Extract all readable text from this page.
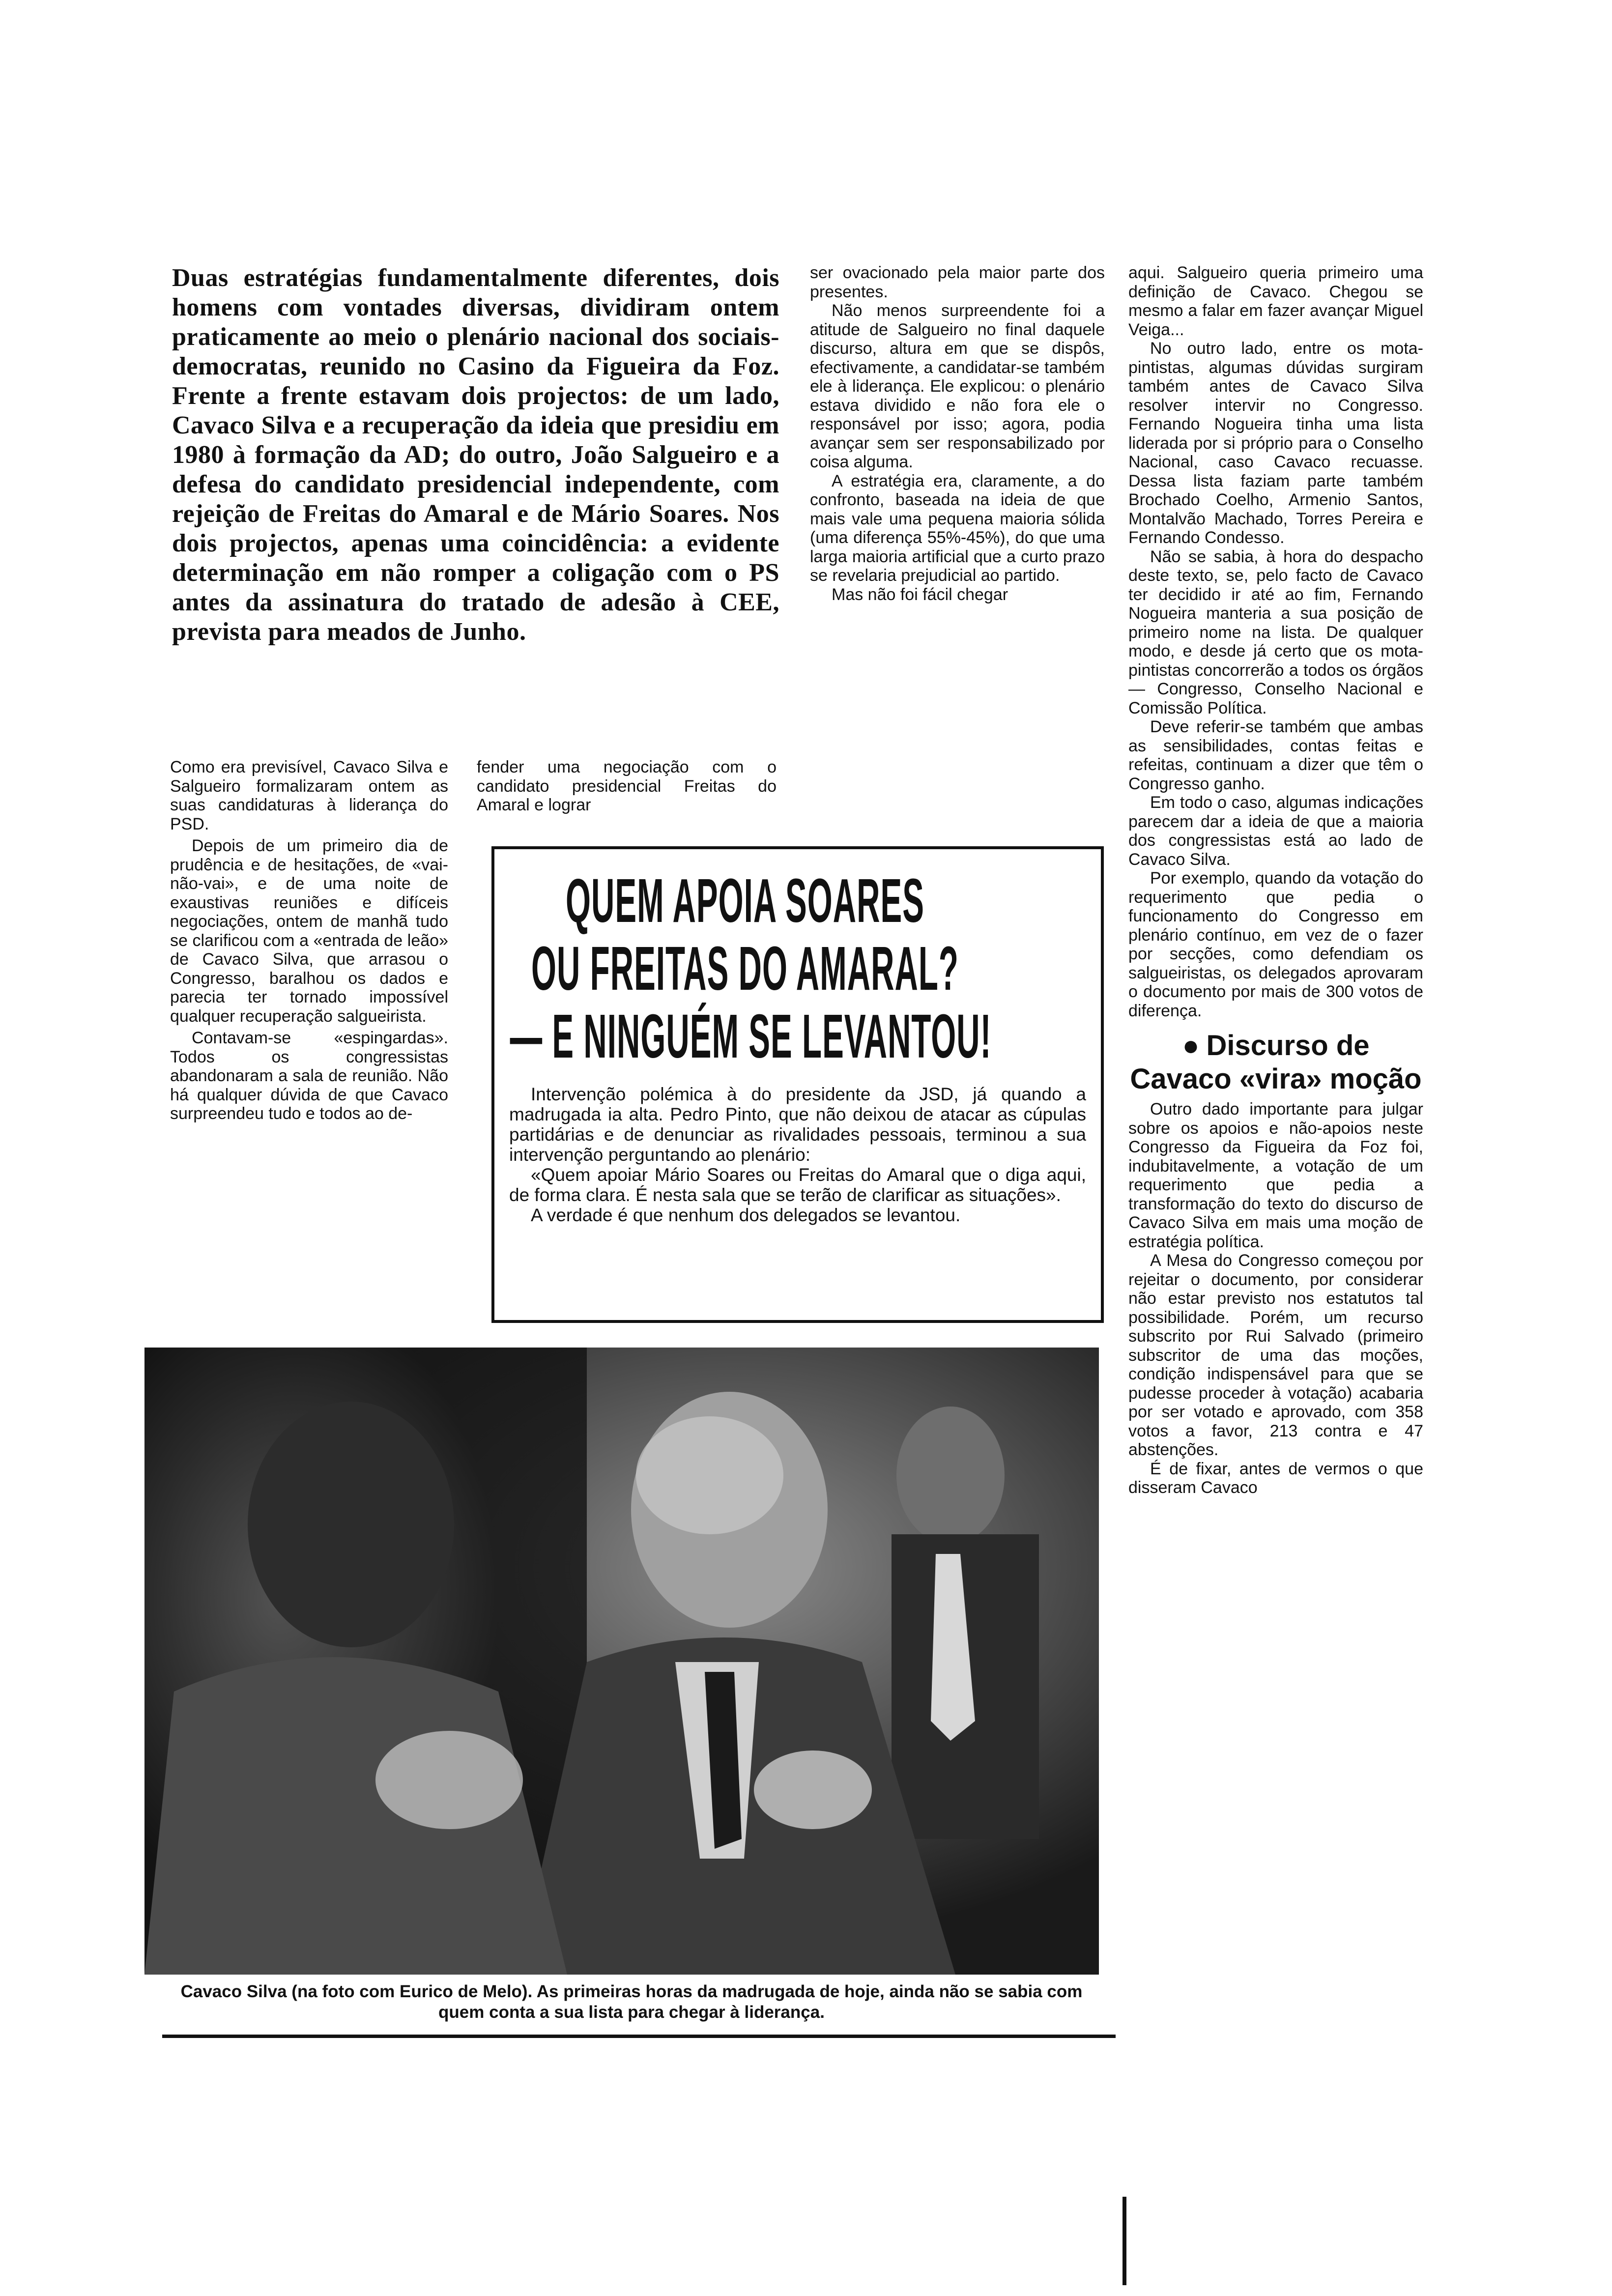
Duas estratégias fundamentalmente diferentes, dois homens com vontades diversas, dividiram ontem praticamente ao meio o plenário nacional dos sociais-democratas, reunido no Casino da Figueira da Foz. Frente a frente estavam dois projectos: de um lado, Cavaco Silva e a recuperação da ideia que presidiu em 1980 à formação da AD; do outro, João Salgueiro e a defesa do candidato presidencial independente, com rejeição de Freitas do Amaral e de Mário Soares. Nos dois projectos, apenas uma coincidência: a evidente determinação em não romper a coligação com o PS antes da assinatura do tratado de adesão à CEE, prevista para meados de Junho.

Como era previsível, Cavaco Silva e Salgueiro formalizaram ontem as suas candidaturas à liderança do PSD.

Depois de um primeiro dia de prudência e de hesitações, de «vai-não-vai», e de uma noite de exaustivas reuniões e difíceis negociações, ontem de manhã tudo se clarificou com a «entrada de leão» de Cavaco Silva, que arrasou o Congresso, baralhou os dados e parecia ter tornado impossível qualquer recuperação salgueirista.

Contavam-se «espingardas». Todos os congressistas abandonaram a sala de reunião. Não há qualquer dúvida de que Cavaco surpreendeu tudo e todos ao de-

fender uma negociação com o candidato presidencial Freitas do Amaral e lograr

ser ovacionado pela maior parte dos presentes.

Não menos surpreendente foi a atitude de Salgueiro no final daquele discurso, altura em que se dispôs, efectivamente, a candidatar-se também ele à liderança. Ele explicou: o plenário estava dividido e não fora ele o responsável por isso; agora, podia avançar sem ser responsabilizado por coisa alguma.

A estratégia era, claramente, a do confronto, baseada na ideia de que mais vale uma pequena maioria sólida (uma diferença 55%-45%), do que uma larga maioria artificial que a curto prazo se revelaria prejudicial ao partido.

Mas não foi fácil chegar

QUEM APOIA SOARES
OU FREITAS DO AMARAL?
— E NINGUÉM SE LEVANTOU!

Intervenção polémica à do presidente da JSD, já quando a madrugada ia alta. Pedro Pinto, que não deixou de atacar as cúpulas partidárias e de denunciar as rivalidades pessoais, terminou a sua intervenção perguntando ao plenário:

«Quem apoiar Mário Soares ou Freitas do Amaral que o diga aqui, de forma clara. É nesta sala que se terão de clarificar as situações».

A verdade é que nenhum dos delegados se levantou.

Cavaco Silva (na foto com Eurico de Melo). As primeiras horas da madrugada de hoje, ainda não se sabia com quem conta a sua lista para chegar à liderança.

aqui. Salgueiro queria primeiro uma definição de Cavaco. Chegou se mesmo a falar em fazer avançar Miguel Veiga...

No outro lado, entre os mota-pintistas, algumas dúvidas surgiram também antes de Cavaco Silva resolver intervir no Congresso. Fernando Nogueira tinha uma lista liderada por si próprio para o Conselho Nacional, caso Cavaco recuasse. Dessa lista faziam parte também Brochado Coelho, Armenio Santos, Montalvão Machado, Torres Pereira e Fernando Condesso.

Não se sabia, à hora do despacho deste texto, se, pelo facto de Cavaco ter decidido ir até ao fim, Fernando Nogueira manteria a sua posição de primeiro nome na lista. De qualquer modo, e desde já certo que os mota-pintistas concorrerão a todos os órgãos — Congresso, Conselho Nacional e Comissão Política.

Deve referir-se também que ambas as sensibilidades, contas feitas e refeitas, continuam a dizer que têm o Congresso ganho.

Em todo o caso, algumas indicações parecem dar a ideia de que a maioria dos congressistas está ao lado de Cavaco Silva.

Por exemplo, quando da votação do requerimento que pedia o funcionamento do Congresso em plenário contínuo, em vez de o fazer por secções, como defendiam os salgueiristas, os delegados aprovaram o documento por mais de 300 votos de diferença.

● Discurso de Cavaco «vira» moção

Outro dado importante para julgar sobre os apoios e não-apoios neste Congresso da Figueira da Foz foi, indubitavelmente, a votação de um requerimento que pedia a transformação do texto do discurso de Cavaco Silva em mais uma moção de estratégia política.

A Mesa do Congresso começou por rejeitar o documento, por considerar não estar previsto nos estatutos tal possibilidade. Porém, um recurso subscrito por Rui Salvado (primeiro subscritor de uma das moções, condição indispensável para que se pudesse proceder à votação) acabaria por ser votado e aprovado, com 358 votos a favor, 213 contra e 47 abstenções.

É de fixar, antes de vermos o que disseram Cavaco
